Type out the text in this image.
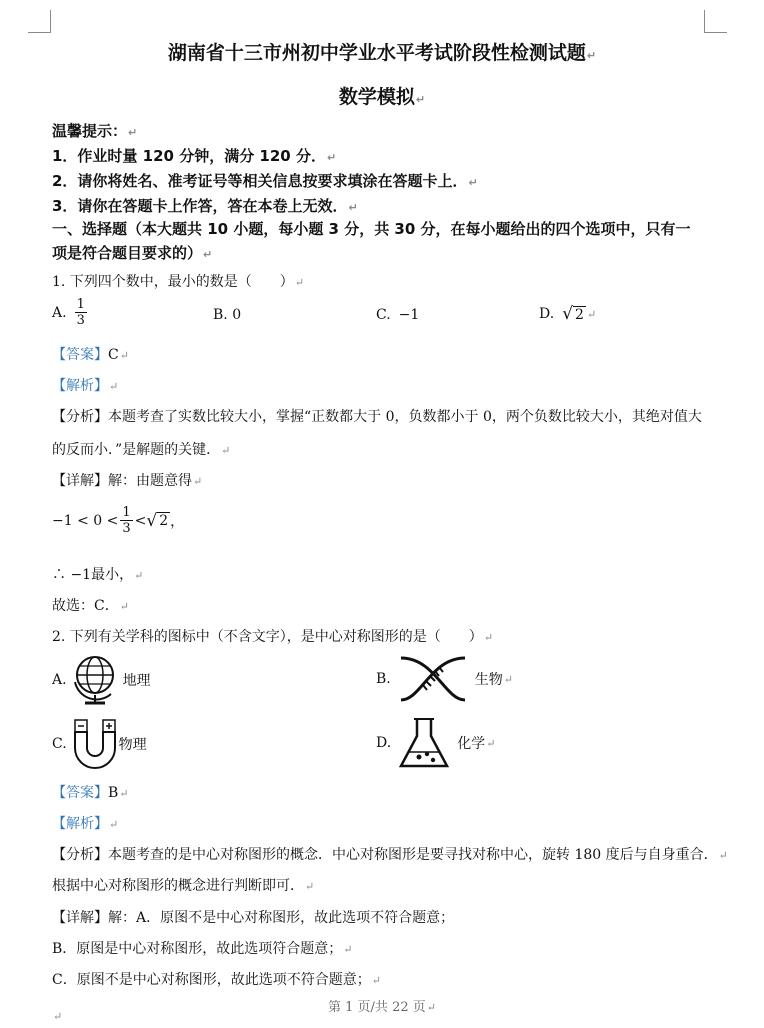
湖南省十三市州初中学业水平考试阶段性检测试题↵
数学模拟↵
温馨提示：↵
1．作业时量 120 分钟，满分 120 分．↵
2．请你将姓名、准考证号等相关信息按要求填涂在答题卡上．↵
3．请你在答题卡上作答，答在本卷上无效．↵
一、选择题（本大题共 10 小题，每小题 3 分，共 30 分，在每小题给出的四个选项中，只有一
项是符合题目要求的）↵
1. 下列四个数中，最小的数是（　　）↵
A. $\frac{1}{3}$	B. 0	C. −1	D. √ 2 ↵
【答案】C↵
【解析】↵
【分析】本题考查了实数比较大小，掌握“正数都大于 0，负数都小于 0，两个负数比较大小，其绝对值大
的反而小．”是解题的关键．↵
【详解】解：由题意得↵
$-1 < 0 < \frac{1}{3}$ < √ 2 ，
∴ −1最小，↵
故选：C．↵
2. 下列有关学科的图标中（不含文字），是中心对称图形的是（　　）↵
A.	地理	B.	生物 ↵
C.	物理	D.	化学 ↵
【答案】B↵
【解析】↵
【分析】本题考查的是中心对称图形的概念．中心对称图形是要寻找对称中心，旋转 180 度后与自身重合．↵
根据中心对称图形的概念进行判断即可．↵
【详解】解：A．原图不是中心对称图形，故此选项不符合题意；
B．原图是中心对称图形，故此选项符合题意；↵
C．原图不是中心对称图形，故此选项不符合题意；↵
第 1 页/共 22 页↵
↵
